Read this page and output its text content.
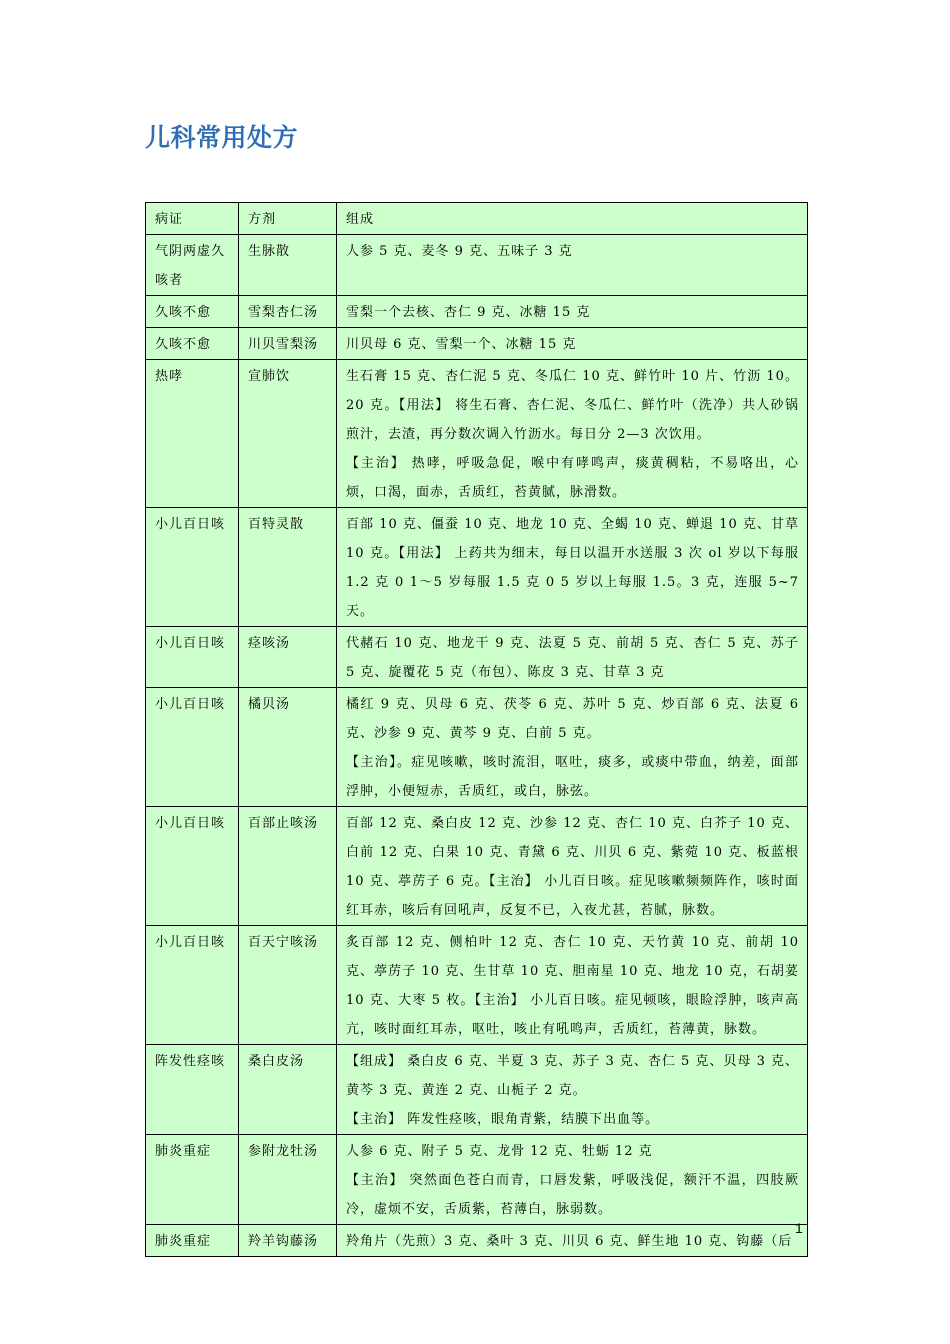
儿科常用处方
病证	方剂	组成
气阴两虚久咳者	生脉散	人参 5 克、麦冬 9 克、五味子 3 克

久咳不愈	雪梨杏仁汤	雪梨一个去核、杏仁 9 克、冰糖 15 克

久咳不愈	川贝雪梨汤	川贝母 6 克、雪梨一个、冰糖 15 克

热哮	宣肺饮	生石膏 15 克、杏仁泥 5 克、冬瓜仁 10 克、鲜竹叶 10 片、竹沥 10。20 克。【用法】 将生石膏、杏仁泥、冬瓜仁、鲜竹叶（洗净）共人砂锅煎汁，去渣，再分数次调入竹沥水。每日分 2—3 次饮用。
【主治】 热哮，呼吸急促，喉中有哮鸣声，痰黄稠粘，不易咯出，心烦，口渴，面赤，舌质红，苔黄腻，脉滑数。

小儿百日咳	百特灵散	百部 10 克、僵蚕 10 克、地龙 10 克、全蝎 10 克、蝉退 10 克、甘草 10 克。【用法】 上药共为细末，每日以温开水送服 3 次 ol 岁以下每服 1.2 克 0 1～5 岁每服 1.5 克 0 5 岁以上每服 1.5。3 克，连服 5~7 天。

小儿百日咳	痉咳汤	代赭石 10 克、地龙干 9 克、法夏 5 克、前胡 5 克、杏仁 5 克、苏子 5 克、旋覆花 5 克（布包）、陈皮 3 克、甘草 3 克

小儿百日咳	橘贝汤	橘红 9 克、贝母 6 克、茯苓 6 克、苏叶 5 克、炒百部 6 克、法夏 6 克、沙参 9 克、黄芩 9 克、白前 5 克。
【主治】。症见咳嗽，咳时流泪，呕吐，痰多，或痰中带血，纳差，面部浮肿，小便短赤，舌质红，或白，脉弦。

小儿百日咳	百部止咳汤	百部 12 克、桑白皮 12 克、沙参 12 克、杏仁 10 克、白芥子 10 克、白前 12 克、白果 10 克、青黛 6 克、川贝 6 克、紫菀 10 克、板蓝根 10 克、葶苈子 6 克。【主治】 小儿百日咳。症见咳嗽频频阵作，咳时面红耳赤，咳后有回吼声，反复不已，入夜尤甚，苔腻，脉数。

小儿百日咳	百天宁咳汤	炙百部 12 克、侧柏叶 12 克、杏仁 10 克、天竹黄 10 克、前胡 10 克、葶苈子 10 克、生甘草 10 克、胆南星 10 克、地龙 10 克，石胡荽 10 克、大枣 5 枚。【主治】 小儿百日咳。症见顿咳，眼睑浮肿，咳声高亢，咳时面红耳赤，呕吐，咳止有吼鸣声，舌质红，苔薄黄，脉数。

阵发性痉咳	桑白皮汤	【组成】 桑白皮 6 克、半夏 3 克、苏子 3 克、杏仁 5 克、贝母 3 克、黄芩 3 克、黄连 2 克、山栀子 2 克。
【主治】 阵发性痉咳，眼角青紫，结膜下出血等。

肺炎重症	参附龙牡汤	人参 6 克、附子 5 克、龙骨 12 克、牡蛎 12 克
【主治】 突然面色苍白而青，口唇发紫，呼吸浅促，额汗不温，四肢厥冷，虚烦不安，舌质紫，苔薄白，脉弱数。

肺炎重症	羚羊钩藤汤	羚角片（先煎）3 克、桑叶 3 克、川贝 6 克、鲜生地 10 克、钩藤（后
1
